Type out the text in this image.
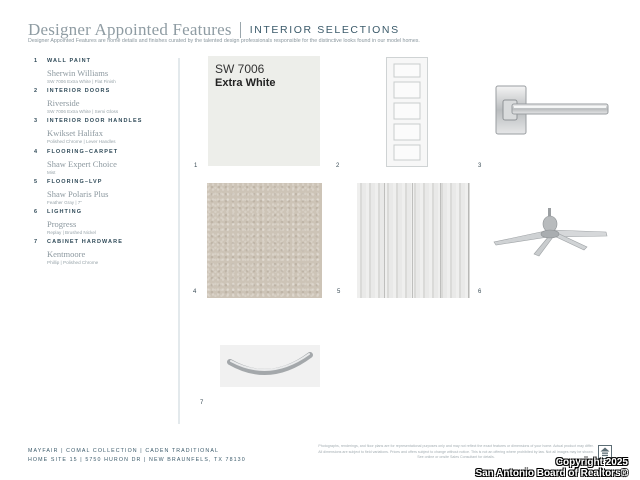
Designer Appointed Features INTERIOR SELECTIONS
Designer Appointed Features are home details and finishes curated by the talented design professionals responsible for the distinctive looks found in our model homes.
1 WALL PAINT
Sherwin Williams
SW 7006 Extra White | Flat Finish
2 INTERIOR DOORS
Riverside
SW 7006 Extra White | Semi Gloss
3 INTERIOR DOOR HANDLES
Kwikset Halifax
Polished Chrome | Lever Handles
4 FLOORING–CARPET
Shaw Expert Choice
Mist
5 FLOORING–LVP
Shaw Polaris Plus
Feather Gray | 7"
6 LIGHTING
Progress
Replay | Brushed Nickel
7 CABINET HARDWARE
Kentmoore
Phillip | Polished Chrome
SW 7006
Extra White
1	2	3
4	5	6
7
MAYFAIR | COMAL COLLECTION | CADEN TRADITIONAL
HOME SITE 15 | 5750 HURON DR | NEW BRAUNFELS, TX 78130
Photographs, renderings, and floor plans are for representational purposes only and may not reflect the exact features or dimensions of your home. Actual product may differ. All dimensions are subject to field variations. Prices and offers subject to change without notice. This is not an offering where prohibited by law. Not all images may be shown. See online or onsite Sales Consultant for details.	Copyright 2025
San Antonio Board of Realtors®
